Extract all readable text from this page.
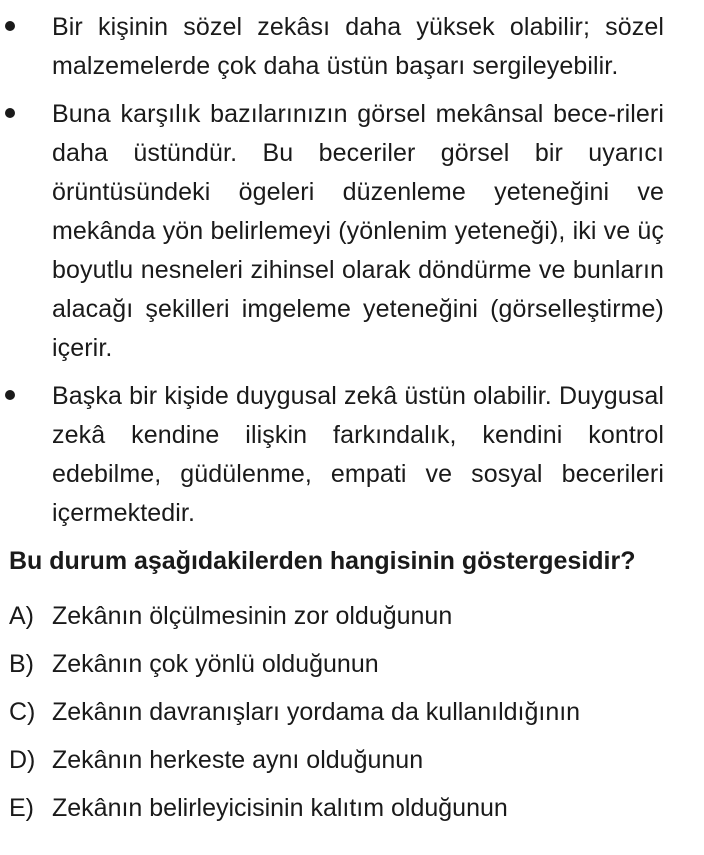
Bir kişinin sözel zekâsı daha yüksek olabilir; sözel malzemelerde çok daha üstün başarı sergileyebilir.
Buna karşılık bazılarınızın görsel mekânsal bece-rileri daha üstündür. Bu beceriler görsel bir uyarıcı örüntüsündeki ögeleri düzenleme yeteneğini ve mekânda yön belirlemeyi (yönlenim yeteneği), iki ve üç boyutlu nesneleri zihinsel olarak döndürme ve bunların alacağı şekilleri imgeleme yeteneğini (görselleştirme) içerir.
Başka bir kişide duygusal zekâ üstün olabilir. Duygusal zekâ kendine ilişkin farkındalık, kendini kontrol edebilme, güdülenme, empati ve sosyal becerileri içermektedir.
Bu durum aşağıdakilerden hangisinin göstergesidir?
A) Zekânın ölçülmesinin zor olduğunun
B) Zekânın çok yönlü olduğunun
C) Zekânın davranışları yordama da kullanıldığının
D) Zekânın herkeste aynı olduğunun
E) Zekânın belirleyicisinin kalıtım olduğunun
